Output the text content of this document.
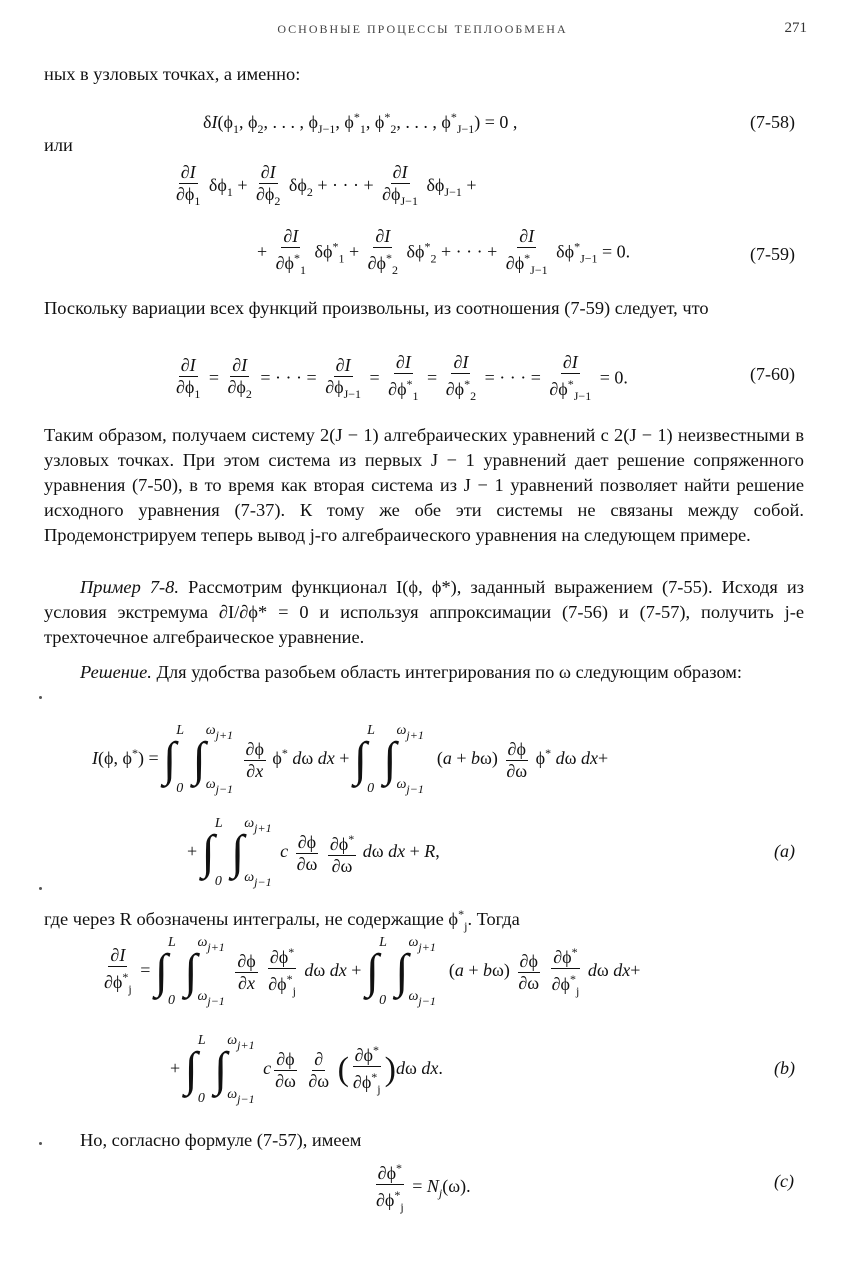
ОСНОВНЫЕ ПРОЦЕССЫ ТЕПЛООБМЕНА	271
ных в узловых точках, а именно:
$\delta I(\phi_1$, $\phi_2$, . . . , $\phi_{J-1}$, $\phi^*_1$, $\phi^*_2$, . . . , $\phi^*_{J-1}) = 0$ ,	(7-58)
или
$\frac{\partial I}{\partial\phi_1} \delta\phi_1 + \frac{\partial I}{\partial\phi_2} \delta\phi_2$ + · · · + $\frac{\partial I}{\partial\phi_{J-1}} \delta\phi_{J-1}$ +
+ $\frac{\partial I}{\partial\phi^*_1} \delta\phi^*_1 + \frac{\partial I}{\partial\phi^*_2} \delta\phi^*_2$ + · · · + $\frac{\partial I}{\partial\phi^*_{J-1}} \delta\phi^*_{J-1} = 0$.	(7-59)
Поскольку вариации всех функций произвольны, из соотношения (7-59) следует, что
$\frac{\partial I}{\partial\phi_1} = \frac{\partial I}{\partial\phi_2}$ = · · · = $\frac{\partial I}{\partial\phi_{J-1}} = \frac{\partial I}{\partial\phi^*_1} = \frac{\partial I}{\partial\phi^*_2}$ = · · · = $\frac{\partial I}{\partial\phi^*_{J-1}} = 0$.	(7-60)
Таким образом, получаем систему 2(J − 1) алгебраических уравнений с 2(J − 1) неизвестными в узловых точках. При этом система из первых J − 1 уравнений дает решение сопряженного уравнения (7-50), в то время как вторая система из J − 1 уравнений позволяет найти решение исходного уравнения (7-37). К тому же обе эти системы не связаны между собой. Продемонстрируем теперь вывод j-го алгебраического уравнения на следующем примере.
Пример 7-8. Рассмотрим функционал I(ϕ, ϕ*), заданный выражением (7-55). Исходя из условия экстремума ∂I/∂ϕ* = 0 и используя аппроксимации (7-56) и (7-57), получить j-е трехточечное алгебраическое уравнение.
Решение. Для удобства разобьем область интегрирования по ω следующим образом:
I(ϕ, ϕ*) = ∫
L
0
∫
ωj+1
ωj−1

$\frac{\partial\phi}{\partial x} \phi^*$ dω dx + ∫
L
0
∫
ωj+1
ωj−1
$(a + b\omega) \frac{\partial\phi}{\partial\omega} \phi^*$ dω dx+
+ ∫
L
0
∫
ωj+1
ωj−1
c $\frac{\partial\phi}{\partial\omega}$
$\frac{\partial\phi^*}{\partial\omega}$ dω dx + R,	(a)
где через R обозначены интегралы, не содержащие $\phi^*_j$. Тогда
$\frac{\partial I}{\partial\phi^*_j}$ = ∫
L
0
∫
ωj+1
ωj−1

$\frac{\partial\phi}{\partial x}$
$\frac{\partial\phi^*}{\partial\phi^*_j}$ dω dx + ∫
L
0
∫
ωj+1
ωj−1
$(a + b\omega) \frac{\partial\phi}{\partial\omega}$
$\frac{\partial\phi^*}{\partial\phi^*_j}$ dω dx+
+ ∫
L
0
∫
ωj+1
ωj−1
c $\frac{\partial\phi}{\partial\omega}$
$\frac{\partial}{\partial\omega}$ ( $\frac{\partial\phi^*}{\partial\phi^*_j} )d\omega$ dx.	(b)
Но, согласно формуле (7-57), имеем
$\frac{\partial\phi^*}{\partial\phi^*_j} = N_j(\omega)$.	(c)
